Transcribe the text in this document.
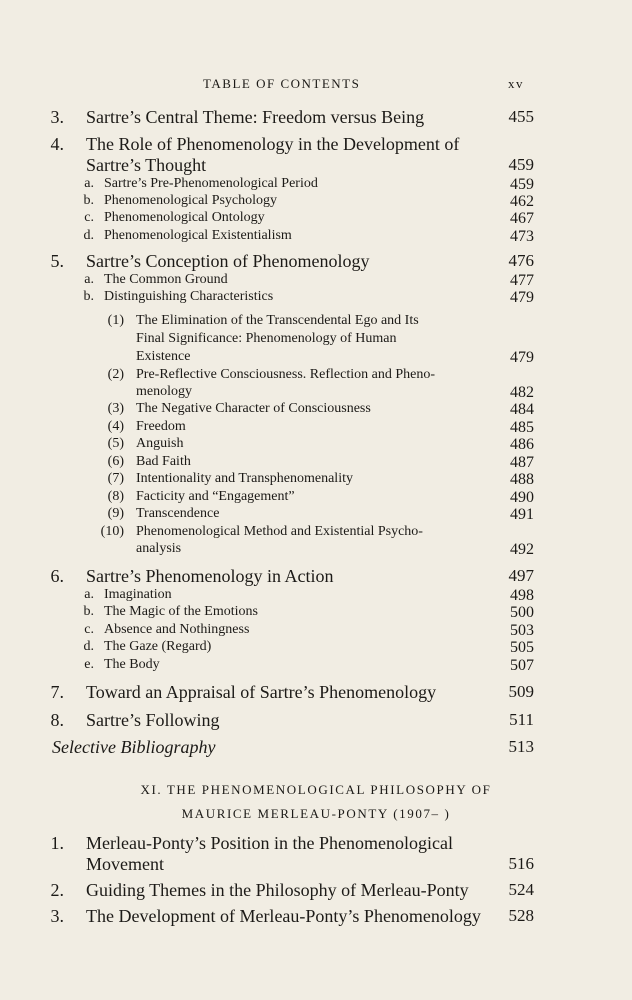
TABLE OF CONTENTS	xv
3. Sartre’s Central Theme: Freedom versus Being	455
4. The Role of Phenomenology in the Development of
Sartre’s Thought	459
a. Sartre’s Pre-Phenomenological Period	459
b. Phenomenological Psychology	462
c. Phenomenological Ontology	467
d. Phenomenological Existentialism	473
5. Sartre’s Conception of Phenomenology	476
a. The Common Ground	477
b. Distinguishing Characteristics	479
(1) The Elimination of the Transcendental Ego and Its
Final Significance: Phenomenology of Human
Existence	479
(2) Pre-Reflective Consciousness. Reflection and Pheno-
menology	482
(3) The Negative Character of Consciousness	484
(4) Freedom	485
(5) Anguish	486
(6) Bad Faith	487
(7) Intentionality and Transphenomenality	488
(8) Facticity and “Engagement”	490
(9) Transcendence	491
(10) Phenomenological Method and Existential Psycho-
analysis	492
6. Sartre’s Phenomenology in Action	497
a. Imagination	498
b. The Magic of the Emotions	500
c. Absence and Nothingness	503
d. The Gaze (Regard)	505
e. The Body	507
7. Toward an Appraisal of Sartre’s Phenomenology	509
8. Sartre’s Following	511
Selective Bibliography	513
XI. THE PHENOMENOLOGICAL PHILOSOPHY OF
MAURICE MERLEAU-PONTY (1907– )
1. Merleau-Ponty’s Position in the Phenomenological
Movement	516
2. Guiding Themes in the Philosophy of Merleau-Ponty 524
3. The Development of Merleau-Ponty’s Phenomenology 528
